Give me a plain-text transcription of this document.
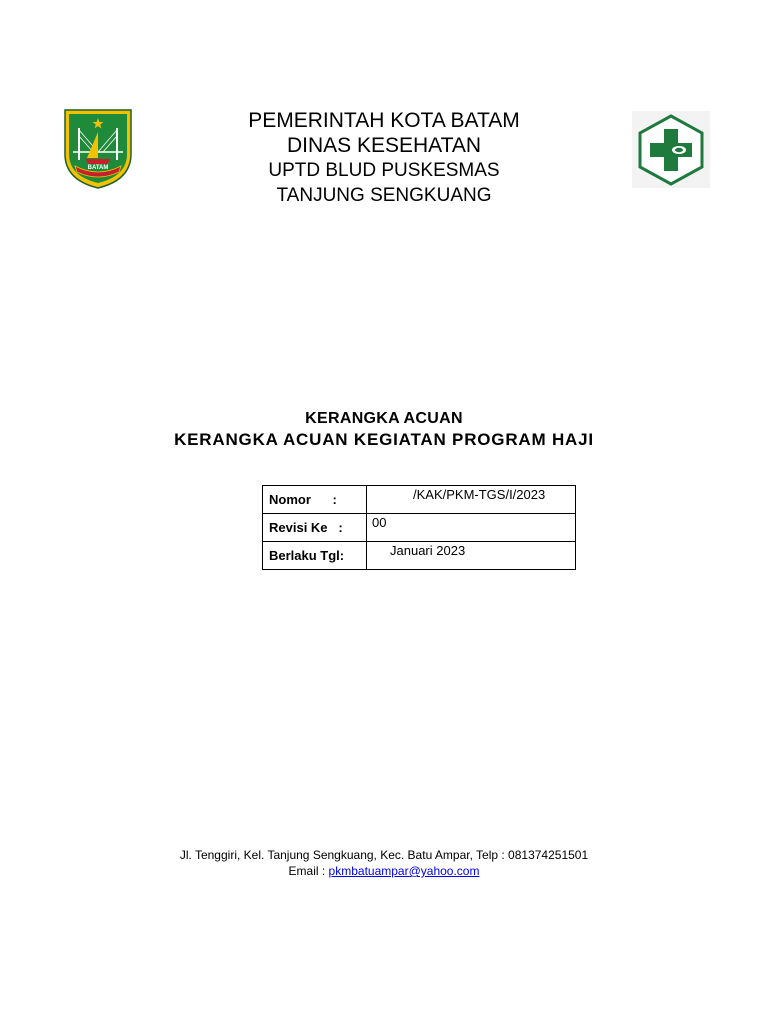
BATAM
PEMERINTAH KOTA BATAM
DINAS KESEHATAN
UPTD BLUD PUSKESMAS
TANJUNG SENGKUANG
KERANGKA ACUAN
KERANGKA ACUAN KEGIATAN PROGRAM HAJI
Nomor      :	/KAK/PKM-TGS/I/2023

Revisi Ke   :	00

Berlaku Tgl:	Januari 2023
Jl. Tenggiri, Kel. Tanjung Sengkuang, Kec. Batu Ampar, Telp : 081374251501
Email : pkmbatuampar@yahoo.com
